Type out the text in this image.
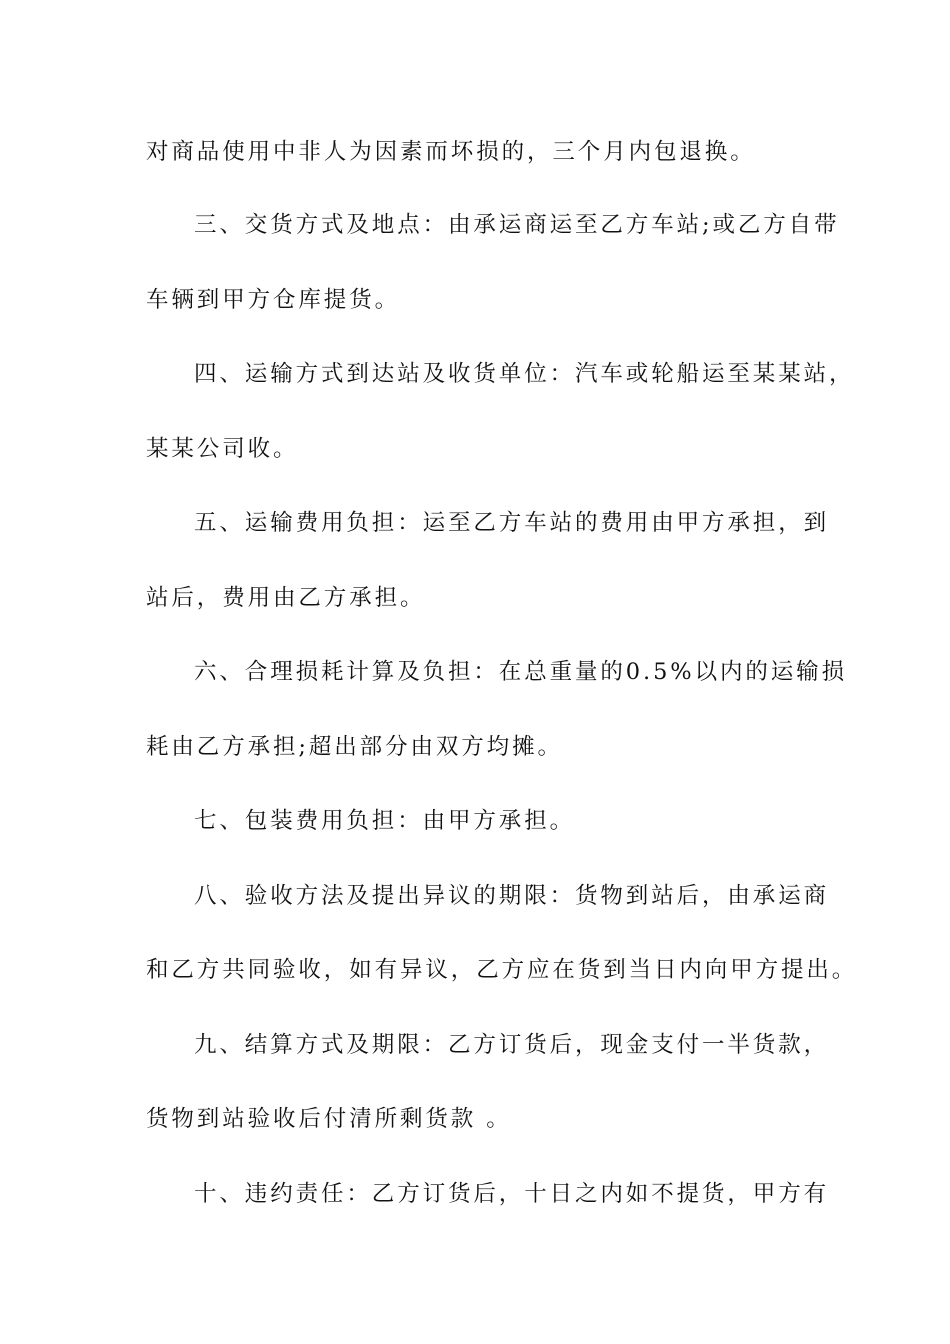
对商品使用中非人为因素而坏损的，三个月内包退换。
三、交货方式及地点：由承运商运至乙方车站;或乙方自带
车辆到甲方仓库提货。
四、运输方式到达站及收货单位：汽车或轮船运至某某站，
某某公司收。
五、运输费用负担：运至乙方车站的费用由甲方承担，到
站后，费用由乙方承担。
六、合理损耗计算及负担：在总重量的0.5%以内的运输损
耗由乙方承担;超出部分由双方均摊。
七、包装费用负担：由甲方承担。
八、验收方法及提出异议的期限：货物到站后，由承运商
和乙方共同验收，如有异议，乙方应在货到当日内向甲方提出。
九、结算方式及期限：乙方订货后，现金支付一半货款，
货物到站验收后付清所剩货款 。
十、违约责任：乙方订货后，十日之内如不提货，甲方有
